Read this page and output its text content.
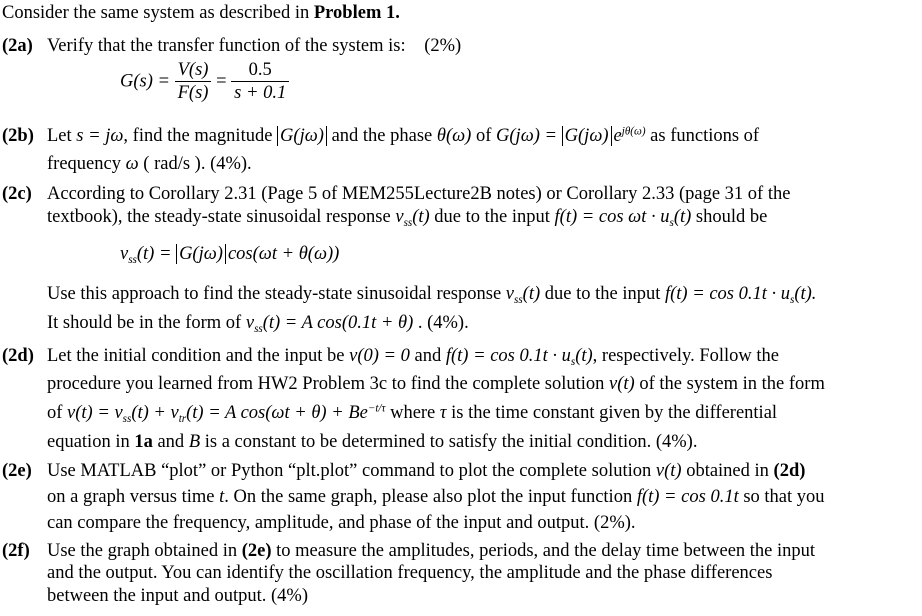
Consider the same system as described in Problem 1.
(2a) Verify that the transfer function of the system is: (2%)
$G(s) = \frac{V(s)}{F(s)} = \frac{0.5}{s + 0.1}$
(2b) Let s = jω, find the magnitude G(jω) and the phase θ(ω) of G(jω) = G(jω) $e^{j\theta(\omega)}$ as functions of
frequency ω ( rad/s ). (4%).
(2c) According to Corollary 2.31 (Page 5 of MEM255Lecture2B notes) or Corollary 2.33 (page 31 of the
textbook), the steady-state sinusoidal response $v_{ss}(t)$ due to the input $f(t) = \cos \omega t \cdot u_s(t)$ should be
$v_{ss}(t) = G(j\omega) \cos(\omega t + \theta(\omega))$
Use this approach to find the steady-state sinusoidal response $v_{ss}(t)$ due to the input $f(t) = \cos 0.1t \cdot u_s(t)$.
It should be in the form of $v_{ss}(t) = A$ cos(0.1t + θ) . (4%).
(2d) Let the initial condition and the input be v(0) = 0 and $f(t) = \cos 0.1t \cdot u_s(t)$, respectively. Follow the
procedure you learned from HW2 Problem 3c to find the complete solution v(t) of the system in the form
of $v(t) = v_{ss}(t) + v_{tr}(t) = A$ $\cos(\omega t + \theta) + Be^{-t/\tau}$ where τ is the time constant given by the differential
equation in 1a and B is a constant to be determined to satisfy the initial condition. (4%).
(2e) Use MATLAB “plot” or Python “plt.plot” command to plot the complete solution v(t) obtained in (2d)
on a graph versus time t. On the same graph, please also plot the input function f(t) = cos 0.1t so that you
can compare the frequency, amplitude, and phase of the input and output. (2%).
(2f) Use the graph obtained in (2e) to measure the amplitudes, periods, and the delay time between the input
and the output. You can identify the oscillation frequency, the amplitude and the phase differences
between the input and output. (4%)
